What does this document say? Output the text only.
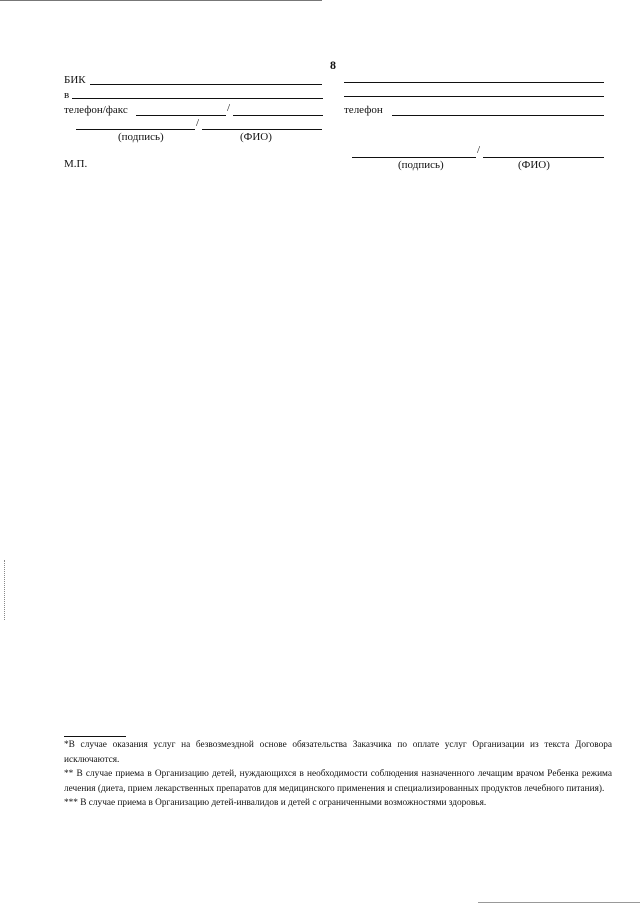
8
БИК
в
телефон/факс	/
/
(подпись)	(ФИО)
М.П.
телефон
/
(подпись)	(ФИО)

*В случае оказания услуг на безвозмездной основе обязательства Заказчика по оплате услуг Организации из текста Договора исключаются.

** В случае приема в Организацию детей, нуждающихся в необходимости соблюдения назначенного лечащим врачом Ребенка режима лечения (диета, прием лекарственных препаратов для медицинского применения и специализированных продуктов лечебного питания).

*** В случае приема в Организацию детей-инвалидов и детей с ограниченными возможностями здоровья.
